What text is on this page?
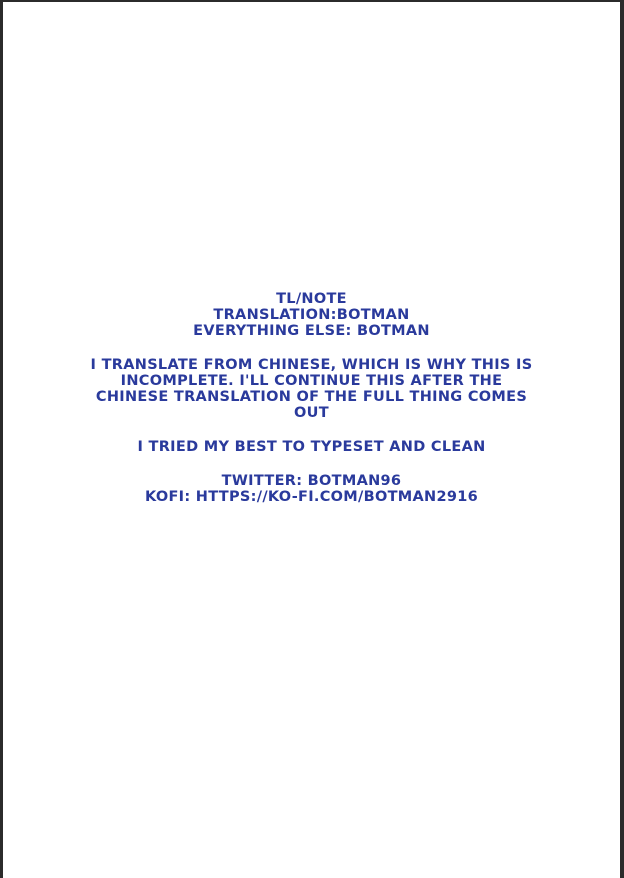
TL/NOTE
TRANSLATION:BOTMAN
EVERYTHING ELSE: BOTMAN
I TRANSLATE FROM CHINESE, WHICH IS WHY THIS IS
INCOMPLETE. I'LL CONTINUE THIS AFTER THE
CHINESE TRANSLATION OF THE FULL THING COMES
OUT
I TRIED MY BEST TO TYPESET AND CLEAN
TWITTER: BOTMAN96
KOFI: HTTPS://KO-FI.COM/BOTMAN2916
